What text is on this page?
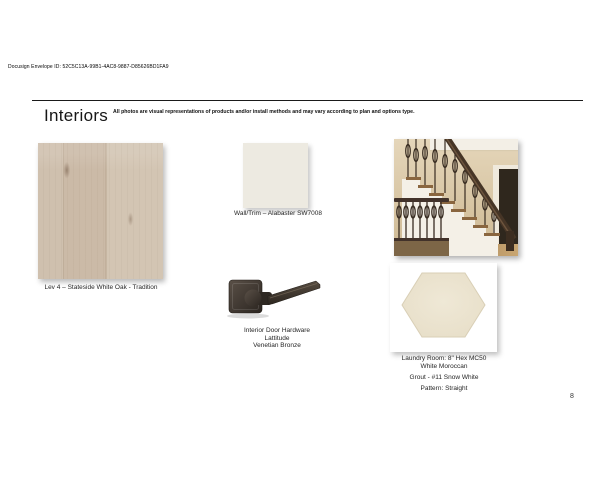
Docusign Envelope ID: 52C5C13A-99B1-4AC8-9887-D85626BD1FA9
Interiors All photos are visual representations of products and/or install methods and may vary according to plan and options type.
Lev 4 – Stateside White Oak - Tradition
Wall/Trim – Alabaster SW7008
Interior Door Hardware
Lattitude
Venetian Bronze
Laundry Room: 8" Hex MC50
White Moroccan
Grout - #11 Snow White
Pattern: Straight
8
